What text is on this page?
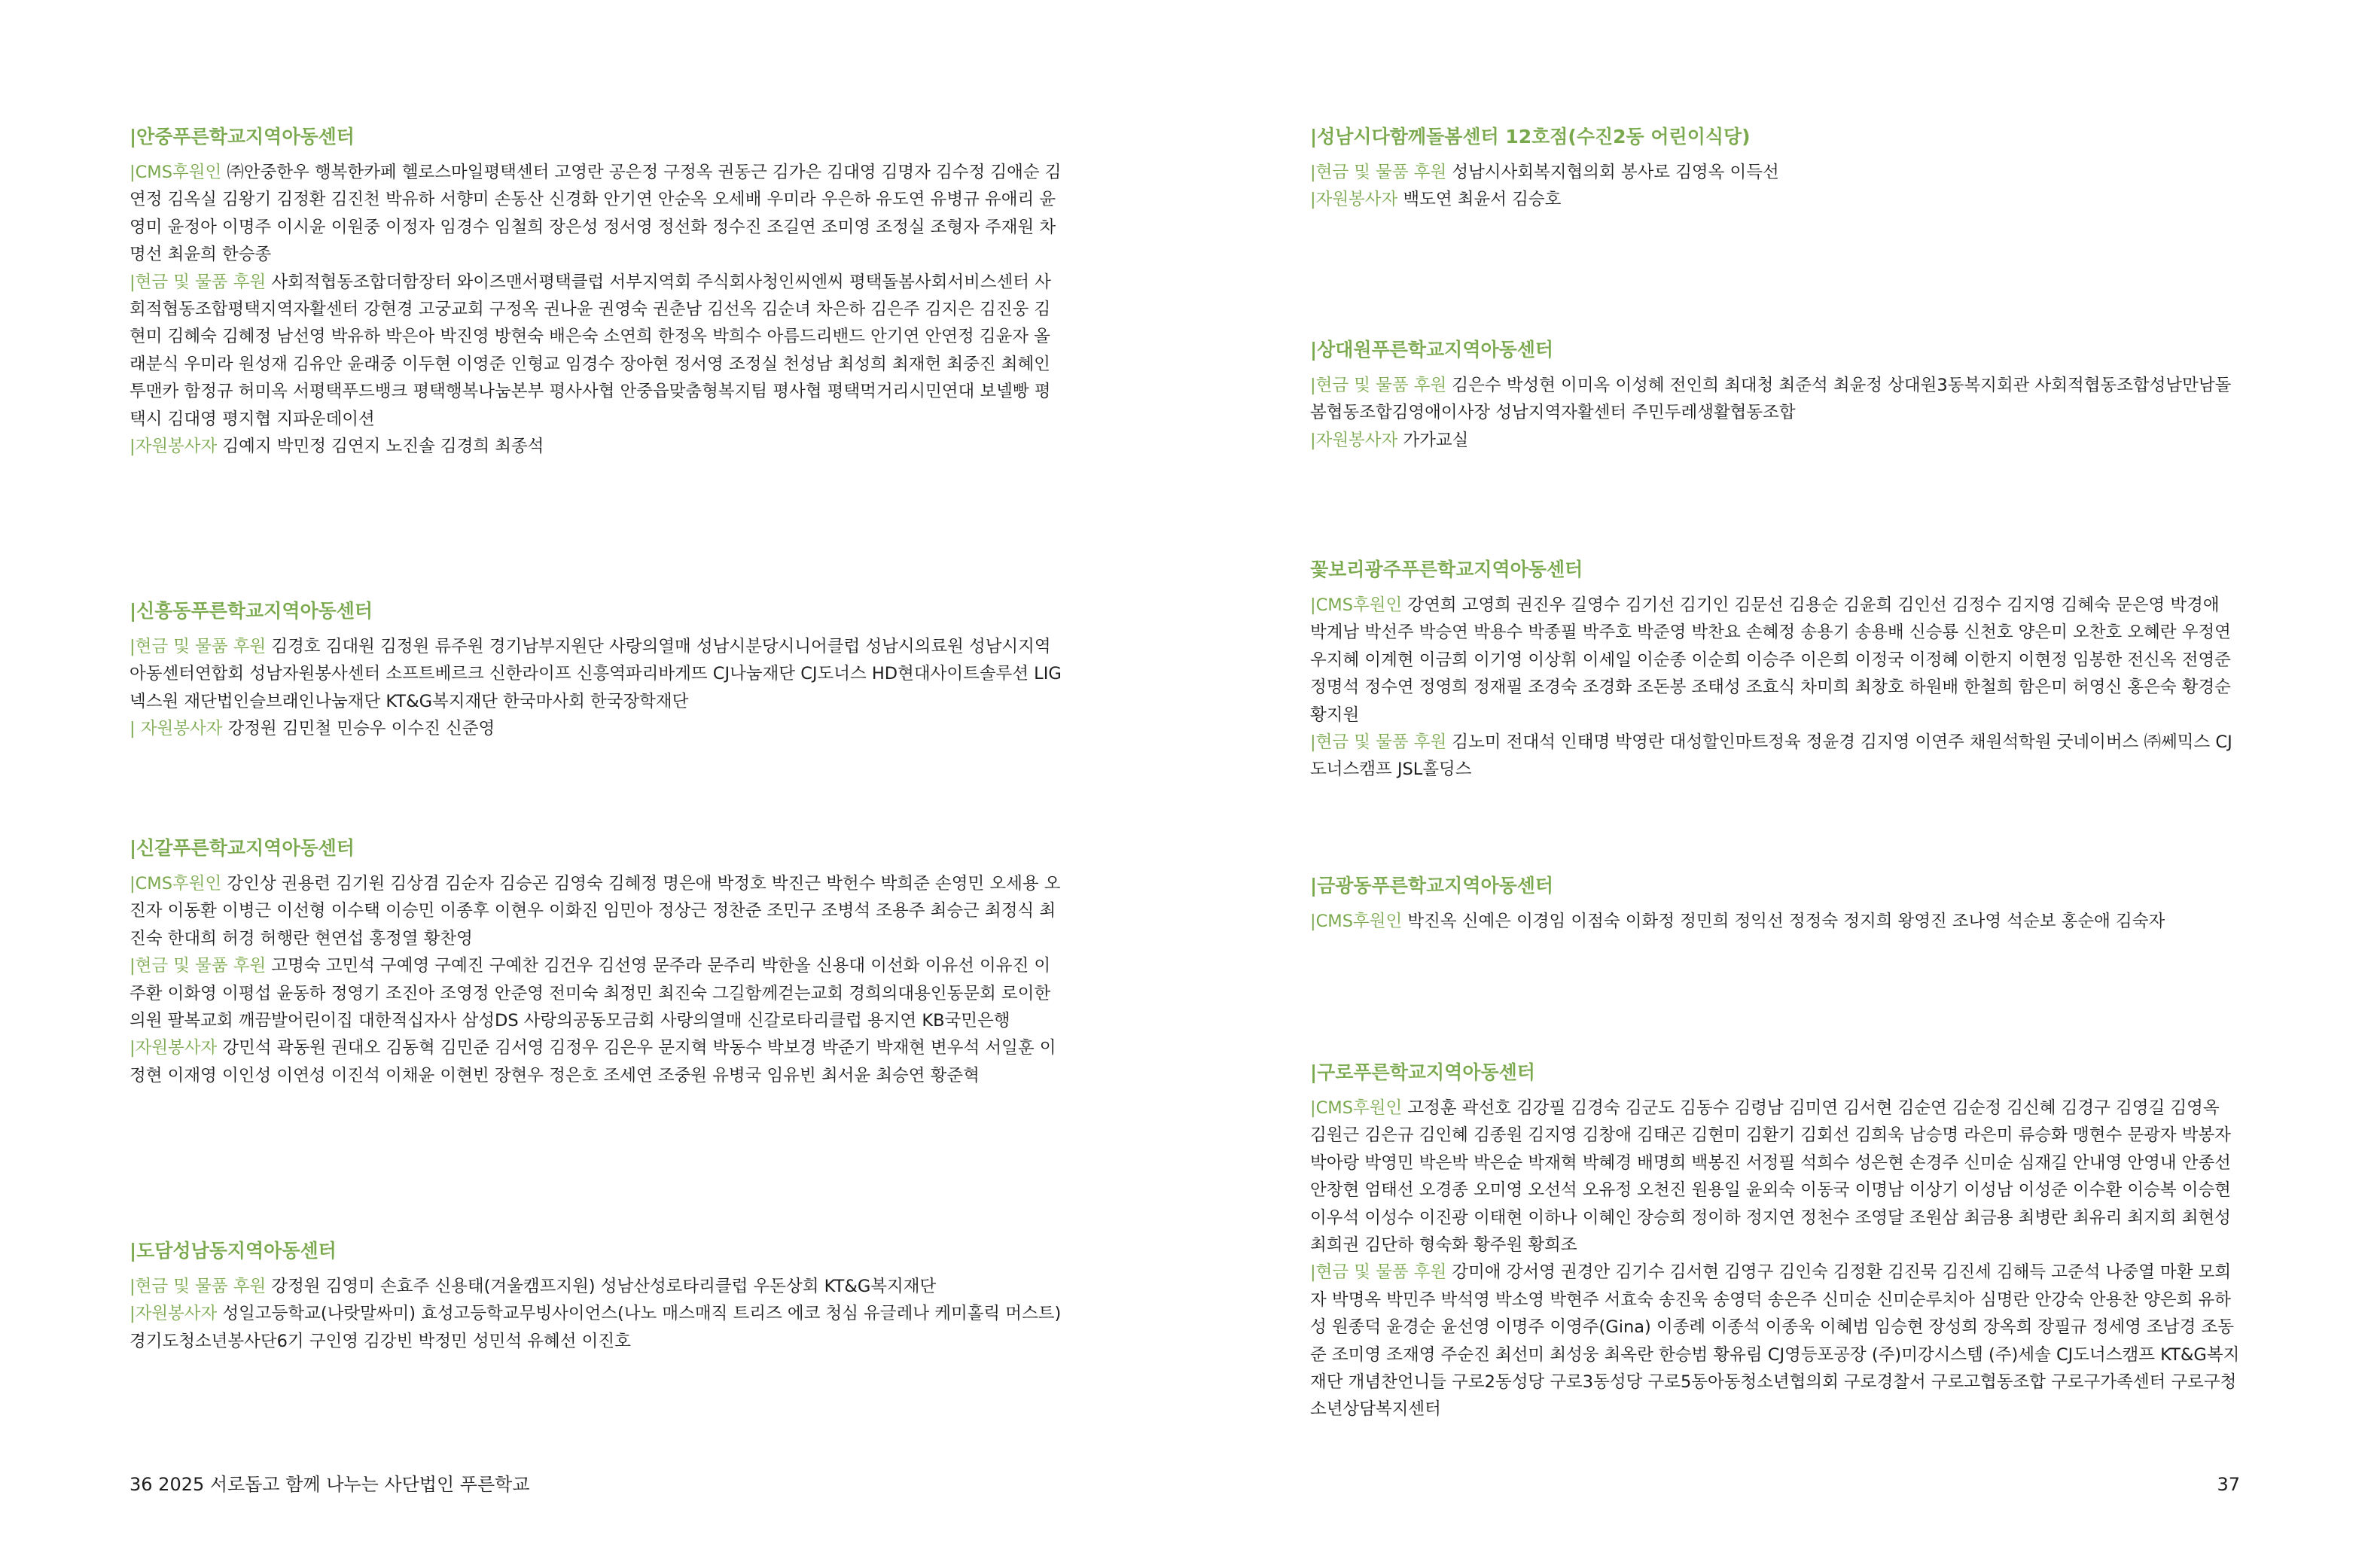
|안중푸른학교지역아동센터

|CMS후원인 ㈜안중한우 행복한카페 헬로스마일평택센터 고영란 공은정 구정옥 권동근 김가은 김대영 김명자 김수정 김애순 김연정 김옥실 김왕기 김정환 김진천 박유하 서향미 손동산 신경화 안기연 안순옥 오세배 우미라 우은하 유도연 유병규 유애리 윤영미 윤정아 이명주 이시윤 이원중 이정자 임경수 임철희 장은성 정서영 정선화 정수진 조길연 조미영 조정실 조형자 주재원 차명선 최윤희 한승종

|현금 및 물품 후원 사회적협동조합더함장터 와이즈맨서평택클럽 서부지역회 주식회사청인씨엔씨 평택돌봄사회서비스센터 사회적협동조합평택지역자활센터 강현경 고궁교회 구정옥 권나윤 권영숙 권춘남 김선옥 김순녀 차은하 김은주 김지은 김진웅 김현미 김혜숙 김혜정 남선영 박유하 박은아 박진영 방현숙 배은숙 소연희 한정옥 박희수 아름드리밴드 안기연 안연정 김윤자 올래분식 우미라 원성재 김유안 윤래중 이두현 이영준 인형교 임경수 장아현 정서영 조정실 천성남 최성희 최재헌 최중진 최혜인 투맨카 함정규 허미옥 서평택푸드뱅크 평택행복나눔본부 평사사협 안중읍맞춤형복지팀 평사협 평택먹거리시민연대 보넬빵 평택시 김대영 평지협 지파운데이션

|자원봉사자 김예지 박민정 김연지 노진솔 김경희 최종석

|신흥동푸른학교지역아동센터

|현금 및 물품 후원 김경호 김대원 김정원 류주원 경기남부지원단 사랑의열매 성남시분당시니어클럽 성남시의료원 성남시지역아동센터연합회 성남자원봉사센터 소프트베르크 신한라이프 신흥역파리바게뜨 CJ나눔재단 CJ도너스 HD현대사이트솔루션 LIG넥스원 재단법인슬브래인나눔재단 KT&G복지재단 한국마사회 한국장학재단

| 자원봉사자 강정원 김민철 민승우 이수진 신준영

|신갈푸른학교지역아동센터

|CMS후원인 강인상 권용련 김기원 김상겸 김순자 김승곤 김영숙 김혜정 명은애 박정호 박진근 박헌수 박희준 손영민 오세용 오진자 이동환 이병근 이선형 이수택 이승민 이종후 이현우 이화진 임민아 정상근 정찬준 조민구 조병석 조용주 최승근 최정식 최진숙 한대희 허경 허행란 현연섭 홍정열 황찬영

|현금 및 물품 후원 고명숙 고민석 구예영 구예진 구예찬 김건우 김선영 문주라 문주리 박한올 신용대 이선화 이유선 이유진 이주환 이화영 이평섭 윤동하 정영기 조진아 조영정 안준영 전미숙 최정민 최진숙 그길함께걷는교회 경희의대용인동문회 로이한의원 팔복교회 깨끔발어린이집 대한적십자사 삼성DS 사랑의공동모금회 사랑의열매 신갈로타리클럽 용지연 KB국민은행

|자원봉사자 강민석 곽동원 권대오 김동혁 김민준 김서영 김정우 김은우 문지혁 박동수 박보경 박준기 박재현 변우석 서일훈 이정현 이재영 이인성 이연성 이진석 이채윤 이현빈 장현우 정은호 조세연 조중원 유병국 임유빈 최서윤 최승연 황준혁

|도담성남동지역아동센터

|현금 및 물품 후원 강정원 김영미 손효주 신용태(겨울캠프지원) 성남산성로타리클럽 우돈상회 KT&G복지재단

|자원봉사자 성일고등학교(나랏말싸미) 효성고등학교무빙사이언스(나노 매스매직 트리즈 에코 청심 유글레나 케미홀릭 머스트)경기도청소년봉사단6기 구인영 김강빈 박정민 성민석 유혜선 이진호

|성남시다함께돌봄센터 12호점(수진2동 어린이식당)

|현금 및 물품 후원 성남시사회복지협의회 봉사로 김영옥 이득선

|자원봉사자 백도연 최윤서 김승호

|상대원푸른학교지역아동센터

|현금 및 물품 후원 김은수 박성현 이미옥 이성혜 전인희 최대청 최준석 최윤정 상대원3동복지회관 사회적협동조합성남만남돌봄협동조합김영애이사장 성남지역자활센터 주민두레생활협동조합

|자원봉사자 가가교실

꽃보리광주푸른학교지역아동센터

|CMS후원인 강연희 고영희 권진우 길영수 김기선 김기인 김문선 김용순 김윤희 김인선 김정수 김지영 김혜숙 문은영 박경애 박계남 박선주 박승연 박용수 박종필 박주호 박준영 박찬요 손혜정 송용기 송용배 신승룡 신천호 양은미 오찬호 오혜란 우정연 우지혜 이계현 이금희 이기영 이상휘 이세일 이순종 이순희 이승주 이은희 이정국 이정혜 이한지 이현정 임봉한 전신옥 전영준 정명석 정수연 정영희 정재필 조경숙 조경화 조돈봉 조태성 조효식 차미희 최창호 하원배 한철희 함은미 허영신 홍은숙 황경순 황지원

|현금 및 물품 후원 김노미 전대석 인태명 박영란 대성할인마트정육 정윤경 김지영 이연주 채원석학원 굿네이버스 ㈜쎄믹스 CJ도너스캠프 JSL홀딩스

|금광동푸른학교지역아동센터

|CMS후원인 박진옥 신예은 이경임 이점숙 이화정 정민희 정익선 정정숙 정지희 왕영진 조나영 석순보 홍순애 김숙자

|구로푸른학교지역아동센터

|CMS후원인 고정훈 곽선호 김강필 김경숙 김군도 김동수 김령남 김미연 김서현 김순연 김순정 김신혜 김경구 김영길 김영옥 김원근 김은규 김인혜 김종원 김지영 김창애 김태곤 김현미 김환기 김회선 김희욱 남승명 라은미 류승화 맹현수 문광자 박봉자 박아랑 박영민 박은박 박은순 박재혁 박혜경 배명희 백봉진 서정필 석희수 성은현 손경주 신미순 심재길 안내영 안영내 안종선 안창현 엄태선 오경종 오미영 오선석 오유정 오천진 원용일 윤외숙 이동국 이명남 이상기 이성남 이성준 이수환 이승복 이승현 이우석 이성수 이진광 이태현 이하나 이혜인 장승희 정이하 정지연 정천수 조영달 조원삼 최금용 최병란 최유리 최지희 최현성 최희권 김단하 형숙화 황주원 황희조

|현금 및 물품 후원 강미애 강서영 권경안 김기수 김서현 김영구 김인숙 김정환 김진묵 김진세 김해득 고준석 나중열 마환 모희자 박명옥 박민주 박석영 박소영 박현주 서효숙 송진욱 송영덕 송은주 신미순 신미순루치아 심명란 안강숙 안용찬 양은희 유하성 원종덕 윤경순 윤선영 이명주 이영주(Gina) 이종례 이종석 이종욱 이혜범 임승현 장성희 장옥희 장필규 정세영 조남경 조동준 조미영 조재영 주순진 최선미 최성웅 최옥란 한승범 황유림 CJ영등포공장 (주)미강시스템 (주)세솔 CJ도너스캠프 KT&G복지재단 개념찬언니들 구로2동성당 구로3동성당 구로5동아동청소년협의회 구로경찰서 구로고협동조합 구로구가족센터 구로구청소년상담복지센터

36 2025 서로돕고 함께 나누는 사단법인 푸른학교	37
